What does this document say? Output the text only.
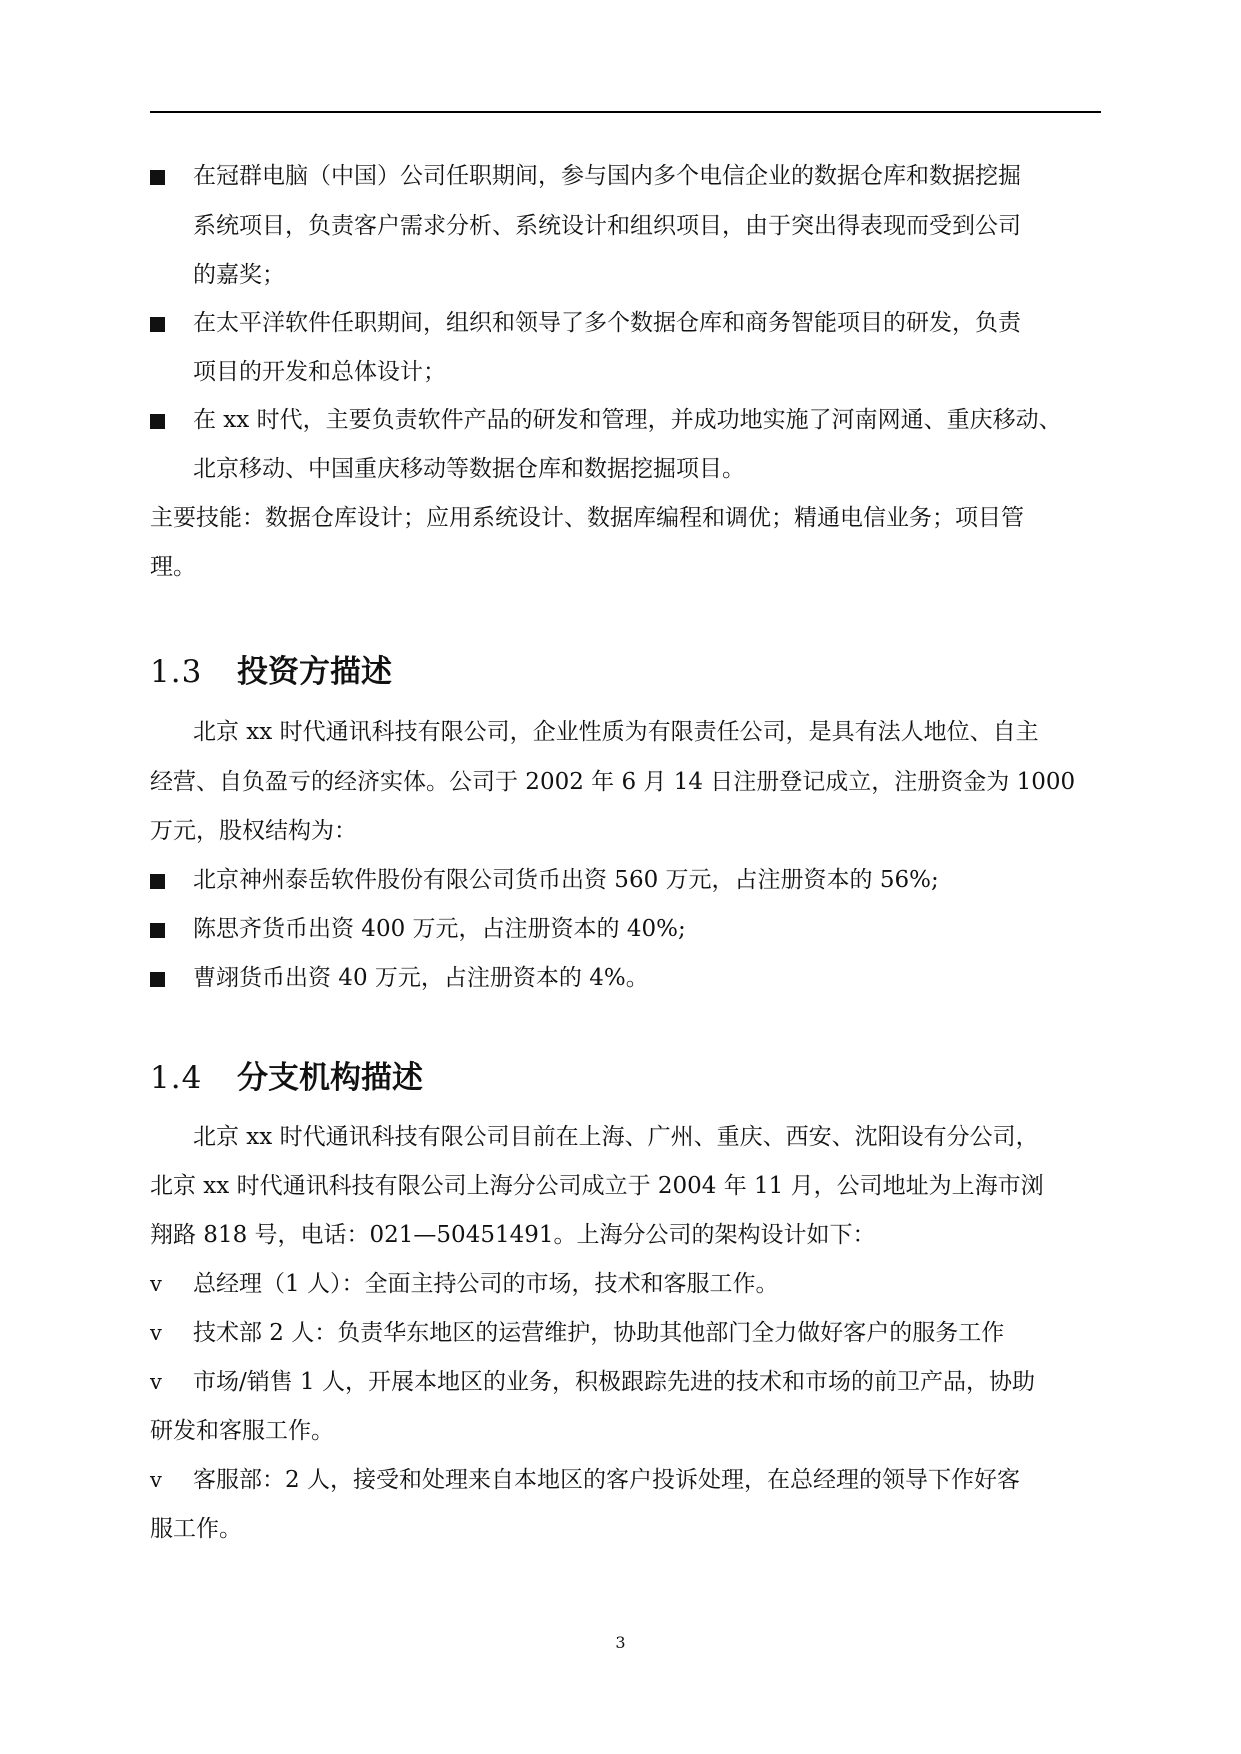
在冠群电脑（中国）公司任职期间，参与国内多个电信企业的数据仓库和数据挖掘
系统项目，负责客户需求分析、系统设计和组织项目，由于突出得表现而受到公司
的嘉奖；
在太平洋软件任职期间，组织和领导了多个数据仓库和商务智能项目的研发，负责
项目的开发和总体设计；
在 xx 时代，主要负责软件产品的研发和管理，并成功地实施了河南网通、重庆移动、
北京移动、中国重庆移动等数据仓库和数据挖掘项目。
主要技能：数据仓库设计；应用系统设计、数据库编程和调优；精通电信业务；项目管
理。
1.3 投资方描述
北京 xx 时代通讯科技有限公司，企业性质为有限责任公司，是具有法人地位、自主
经营、自负盈亏的经济实体。公司于 2002 年 6 月 14 日注册登记成立，注册资金为 1000
万元，股权结构为：
北京神州泰岳软件股份有限公司货币出资 560 万元，占注册资本的 56%;
陈思齐货币出资 400 万元，占注册资本的 40%;
曹翊货币出资 40 万元，占注册资本的 4%。
1.4 分支机构描述
北京 xx 时代通讯科技有限公司目前在上海、广州、重庆、西安、沈阳设有分公司，
北京 xx 时代通讯科技有限公司上海分公司成立于 2004 年 11 月，公司地址为上海市浏
翔路 818 号，电话：021—50451491。上海分公司的架构设计如下：
v 总经理（1 人）：全面主持公司的市场，技术和客服工作。
v 技术部 2 人：负责华东地区的运营维护，协助其他部门全力做好客户的服务工作
v 市场/销售 1 人，开展本地区的业务，积极跟踪先进的技术和市场的前卫产品，协助
研发和客服工作。
v 客服部：2 人，接受和处理来自本地区的客户投诉处理，在总经理的领导下作好客
服工作。
3
